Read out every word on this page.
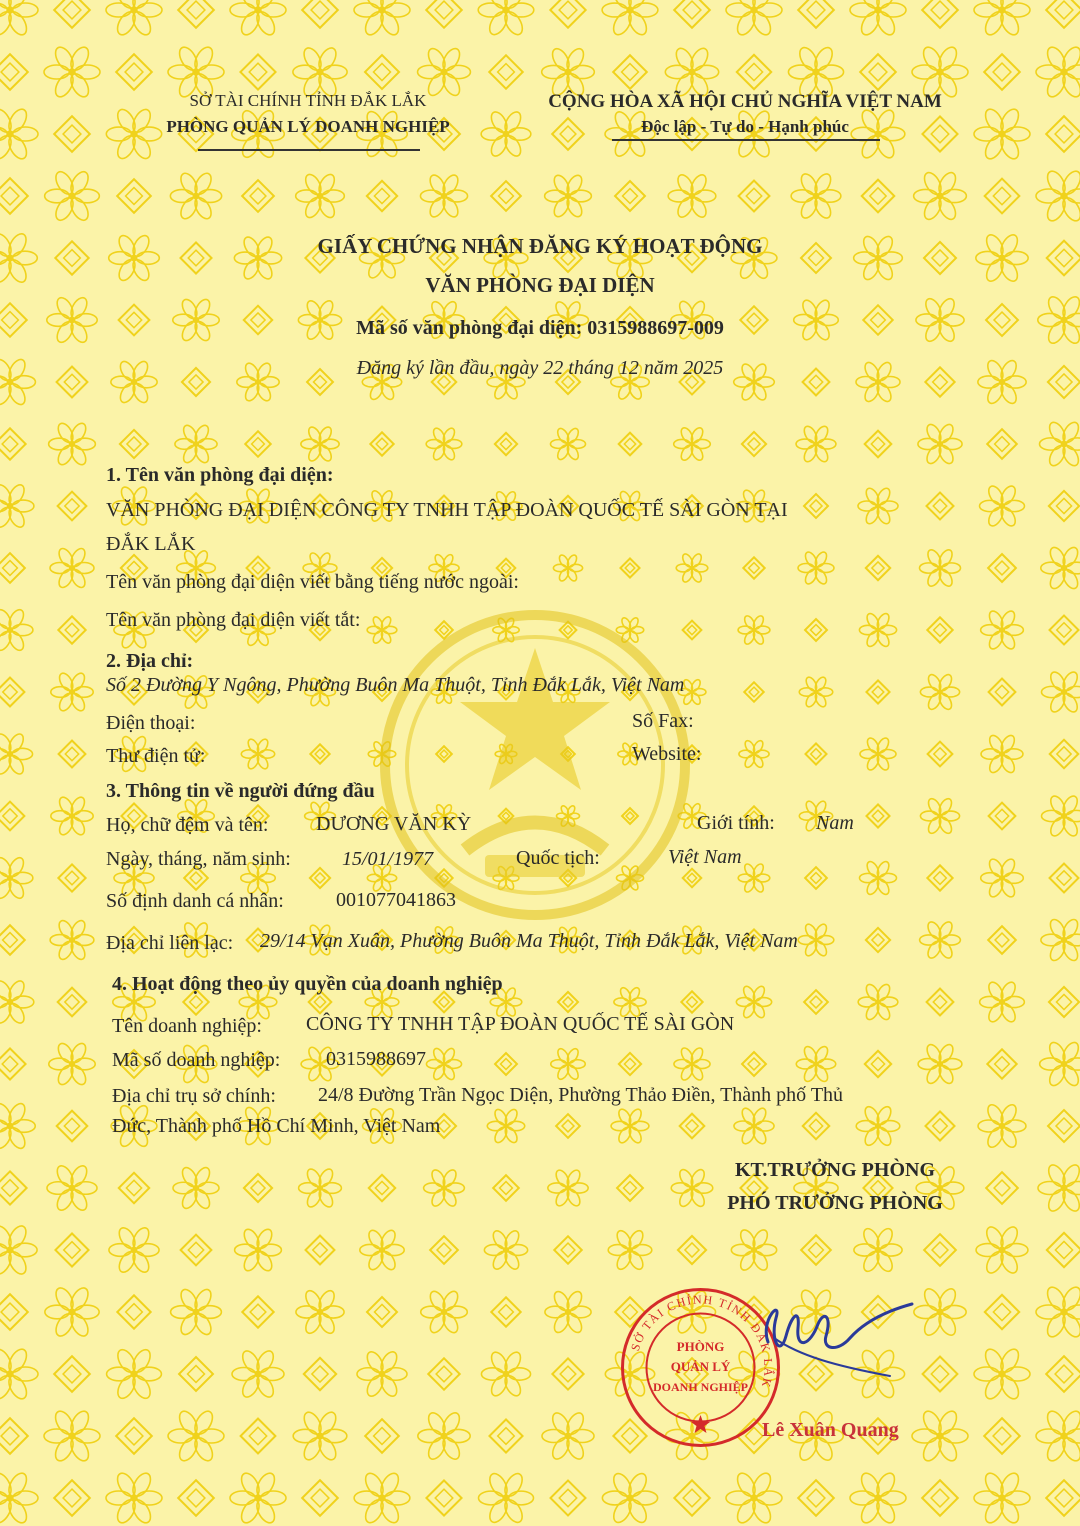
SỞ TÀI CHÍNH TỈNH ĐẮK LẮK
PHÒNG QUẢN LÝ DOANH NGHIỆP
CỘNG HÒA XÃ HỘI CHỦ NGHĨA VIỆT NAM
Độc lập - Tự do - Hạnh phúc
GIẤY CHỨNG NHẬN ĐĂNG KÝ HOẠT ĐỘNG
VĂN PHÒNG ĐẠI DIỆN
Mã số văn phòng đại diện: 0315988697-009
Đăng ký lần đầu, ngày 22 tháng 12 năm 2025
1. Tên văn phòng đại diện:
VĂN PHÒNG ĐẠI DIỆN CÔNG TY TNHH TẬP ĐOÀN QUỐC TẾ SÀI GÒN TẠI
ĐẮK LẮK
Tên văn phòng đại diện viết bằng tiếng nước ngoài:
Tên văn phòng đại diện viết tắt:
2. Địa chỉ:
Số 2 Đường Y Ngông, Phường Buôn Ma Thuột, Tỉnh Đắk Lắk, Việt Nam
Điện thoại:	Số Fax:
Thư điện tử:	Website:
3. Thông tin về người đứng đầu
Họ, chữ đệm và tên: DƯƠNG VĂN KỲ	Giới tính: Nam
Ngày, tháng, năm sinh:	15/01/1977	Quốc tịch:	Việt Nam
Số định danh cá nhân:	001077041863
Địa chỉ liên lạc: 29/14 Vạn Xuân, Phường Buôn Ma Thuột, Tỉnh Đắk Lắk, Việt Nam
4. Hoạt động theo ủy quyền của doanh nghiệp
Tên doanh nghiệp: CÔNG TY TNHH TẬP ĐOÀN QUỐC TẾ SÀI GÒN
Mã số doanh nghiệp: 0315988697
Địa chỉ trụ sở chính: 24/8 Đường Trần Ngọc Diện, Phường Thảo Điền, Thành phố Thủ
Đức, Thành phố Hồ Chí Minh, Việt Nam
KT.TRƯỞNG PHÒNG
PHÓ TRƯỞNG PHÒNG
SỞ TÀI CHÍNH TỈNH ĐẮK LẮK
PHÒNG
QUẢN LÝ
DOANH NGHIỆP
Lê Xuân Quang
